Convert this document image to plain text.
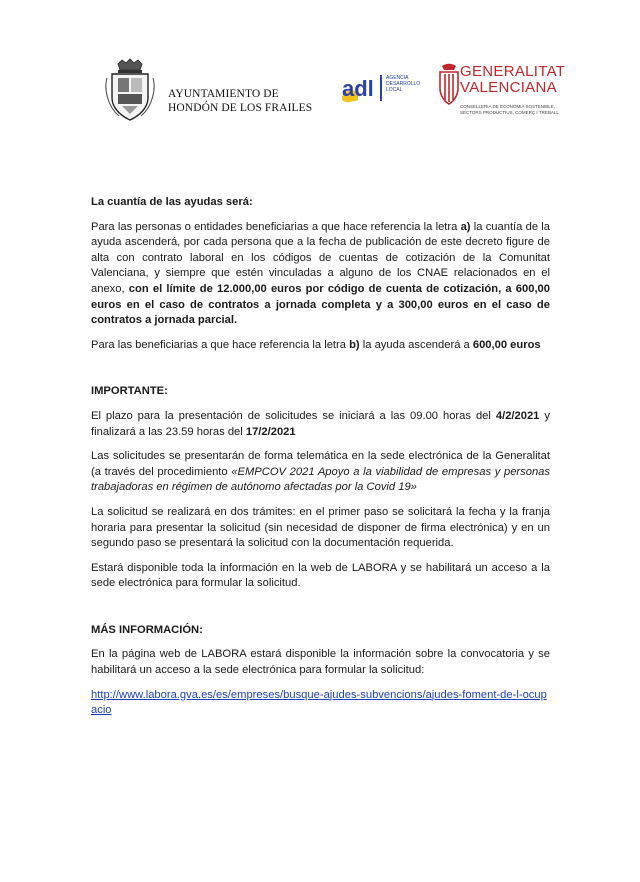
AYUNTAMIENTO DE
HONDÓN DE LOS FRAILES
adl AGENCIA DESARROLLO LOCAL
GENERALITAT
VALENCIANA
CONSELLERIA DE ECONOMIA SOSTENIBLE, SECTORS PRODUCTIUS, COMERÇ I TREBALL

La cuantía de las ayudas será:

Para las personas o entidades beneficiarias a que hace referencia la letra a) la cuantía de la ayuda ascenderá, por cada persona que a la fecha de publicación de este decreto figure de alta con contrato laboral en los códigos de cuentas de cotización de la Comunitat Valenciana, y siempre que estén vinculadas a alguno de los CNAE relacionados en el anexo, con el límite de 12.000,00 euros por código de cuenta de cotización, a 600,00 euros en el caso de contratos a jornada completa y a 300,00 euros en el caso de contratos a jornada parcial.

Para las beneficiarias a que hace referencia la letra b) la ayuda ascenderá a 600,00 euros

IMPORTANTE:

El plazo para la presentación de solicitudes se iniciará a las 09.00 horas del 4/2/2021 y finalizará a las 23.59 horas del 17/2/2021

Las solicitudes se presentarán de forma telemática en la sede electrónica de la Generalitat (a través del procedimiento «EMPCOV 2021 Apoyo a la viabilidad de empresas y personas trabajadoras en régimen de autónomo afectadas por la Covid 19»

La solicitud se realizará en dos trámites: en el primer paso se solicitará la fecha y la franja horaria para presentar la solicitud (sin necesidad de disponer de firma electrónica) y en un segundo paso se presentará la solicitud con la documentación requerida.

Estará disponible toda la información en la web de LABORA y se habilitará un acceso a la sede electrónica para formular la solicitud.

MÁS INFORMACIÓN:

En la página web de LABORA estará disponible la información sobre la convocatoria y se habilitará un acceso a la sede electrónica para formular la solicitud:

http://www.labora.gva.es/es/empreses/busque-ajudes-subvencions/ajudes-foment-de-l-ocupacio
